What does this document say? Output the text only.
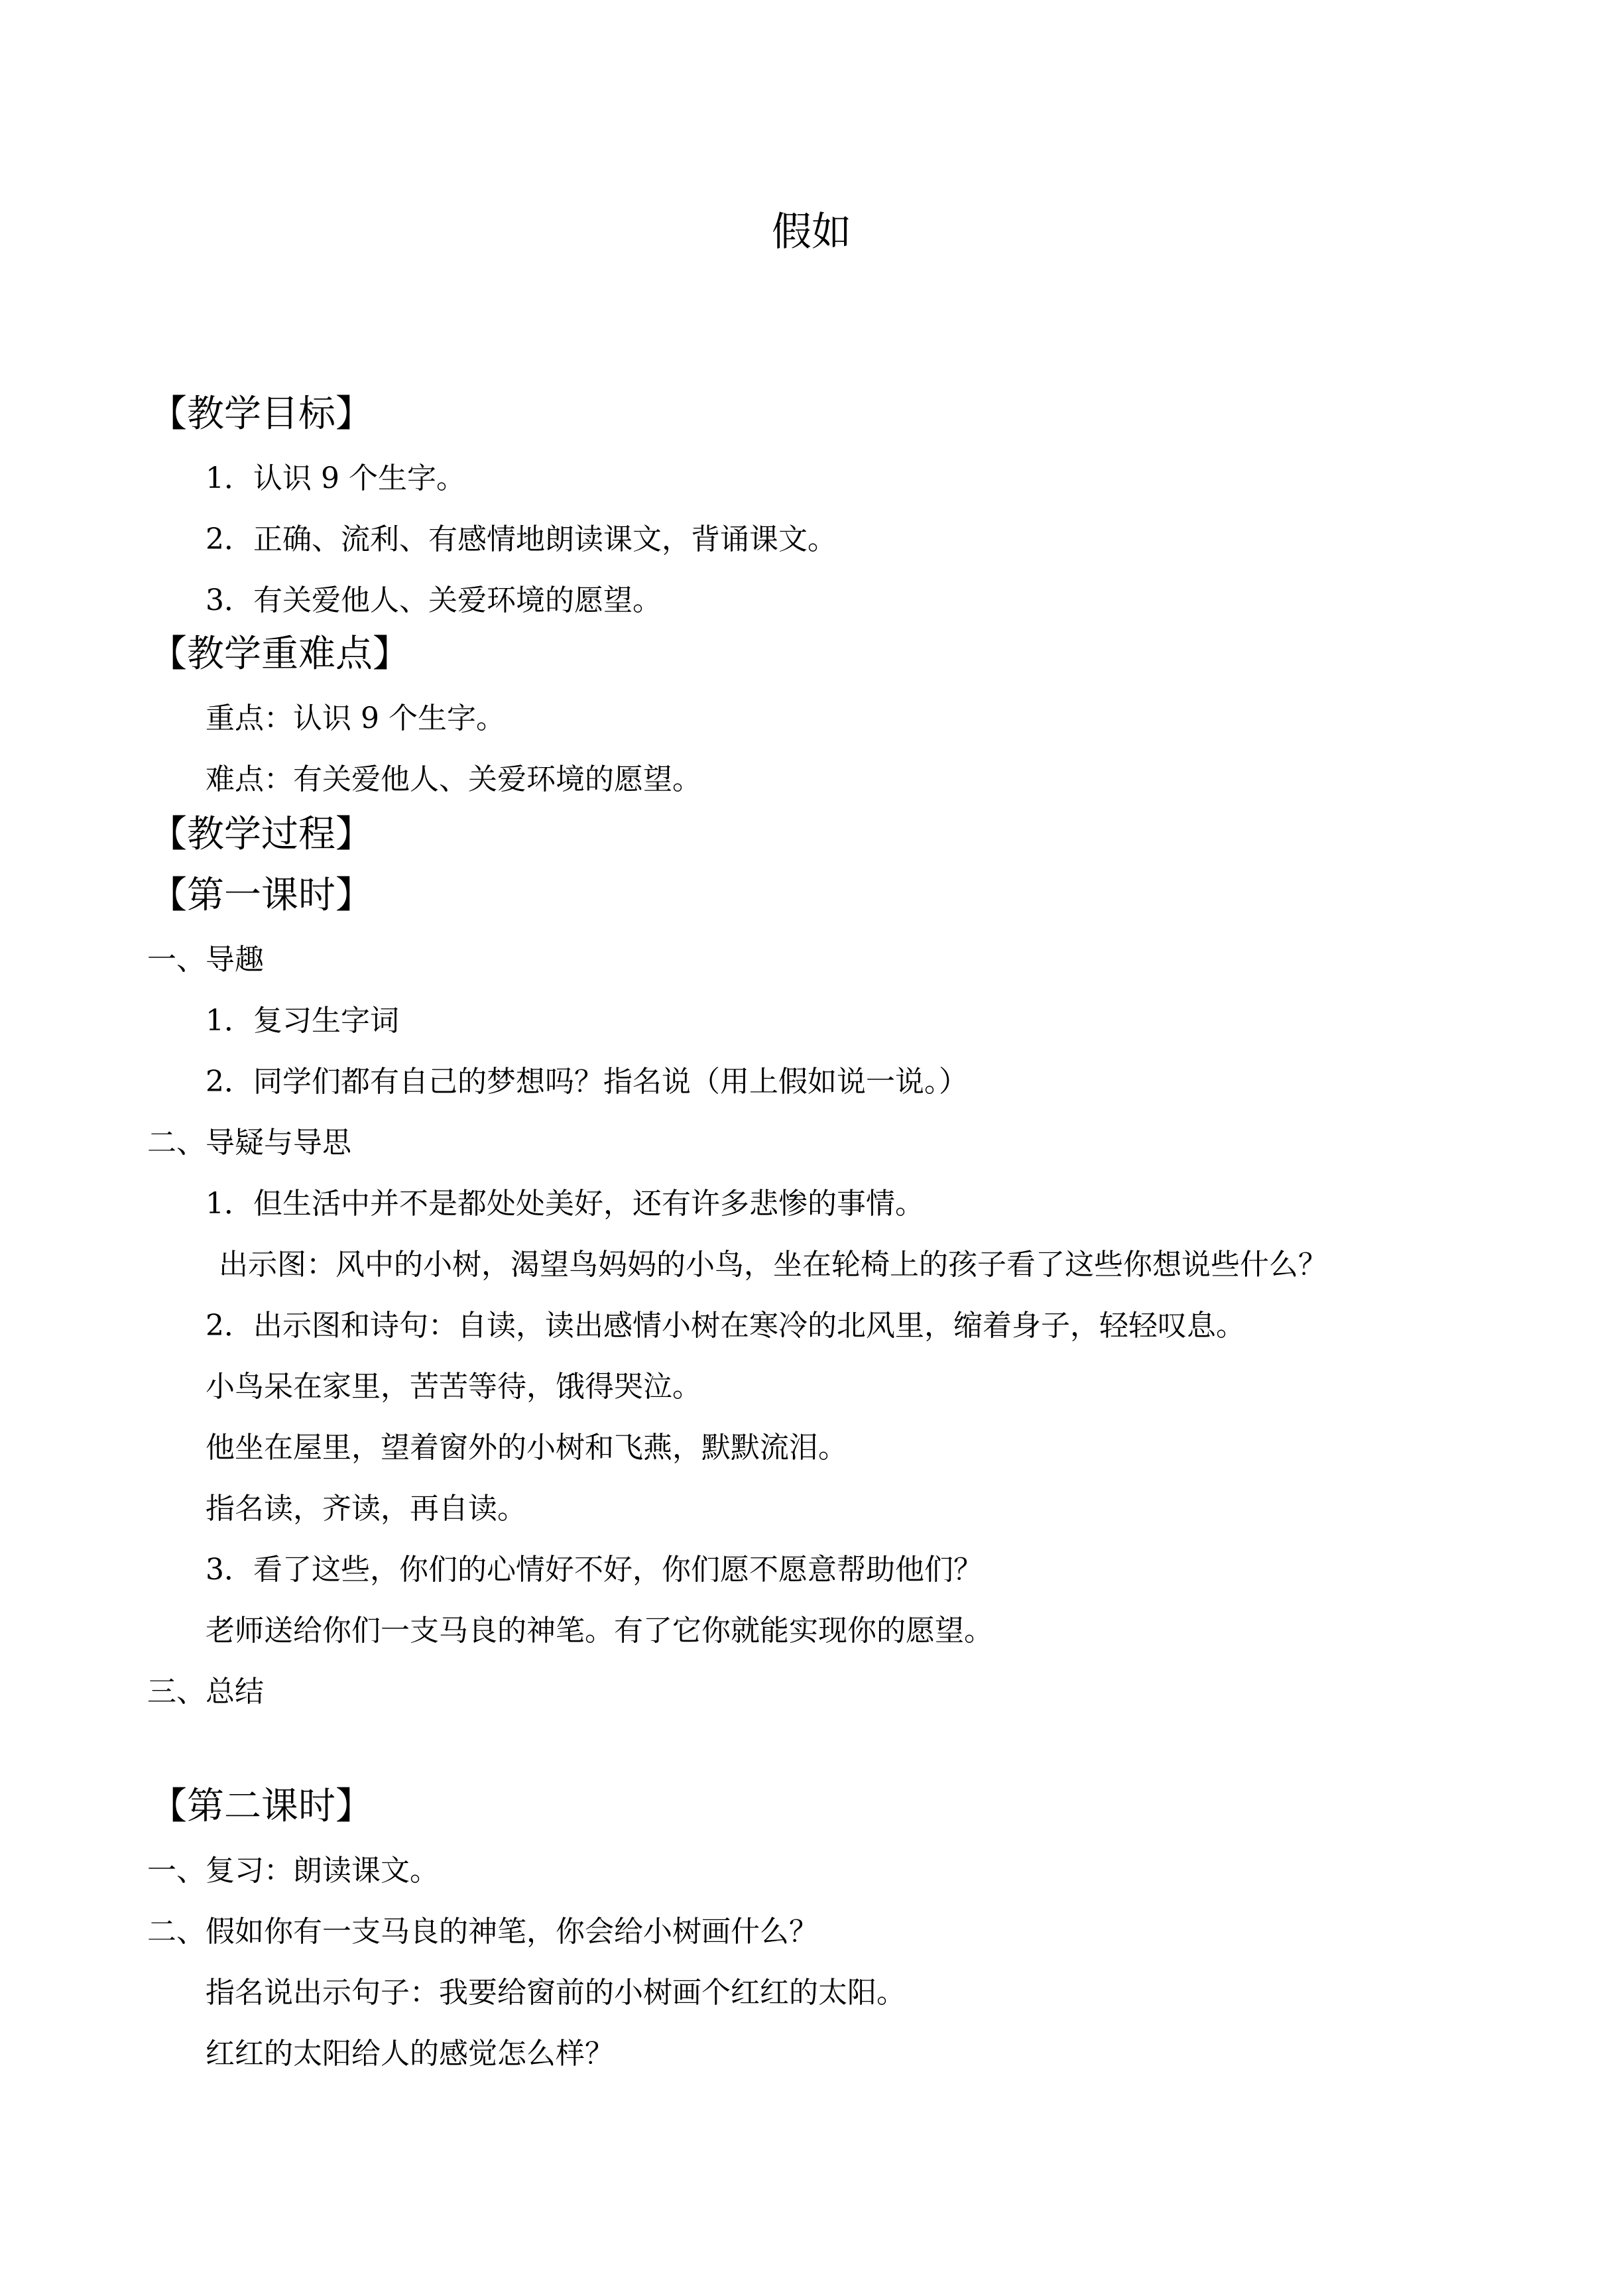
假如
【教学目标】
1．认识 9 个生字。
2．正确、流利、有感情地朗读课文，背诵课文。
3．有关爱他人、关爱环境的愿望。
【教学重难点】
重点：认识 9 个生字。
难点：有关爱他人、关爱环境的愿望。
【教学过程】
【第一课时】
一、导趣
1．复习生字词
2．同学们都有自己的梦想吗？指名说（用上假如说一说。）
二、导疑与导思
1．但生活中并不是都处处美好，还有许多悲惨的事情。
出示图：风中的小树，渴望鸟妈妈的小鸟，坐在轮椅上的孩子看了这些你想说些什么？
2．出示图和诗句：自读，读出感情小树在寒冷的北风里，缩着身子，轻轻叹息。
小鸟呆在家里，苦苦等待，饿得哭泣。
他坐在屋里，望着窗外的小树和飞燕，默默流泪。
指名读，齐读，再自读。
3．看了这些，你们的心情好不好，你们愿不愿意帮助他们？
老师送给你们一支马良的神笔。有了它你就能实现你的愿望。
三、总结
【第二课时】
一、复习：朗读课文。
二、假如你有一支马良的神笔，你会给小树画什么？
指名说出示句子：我要给窗前的小树画个红红的太阳。
红红的太阳给人的感觉怎么样？
